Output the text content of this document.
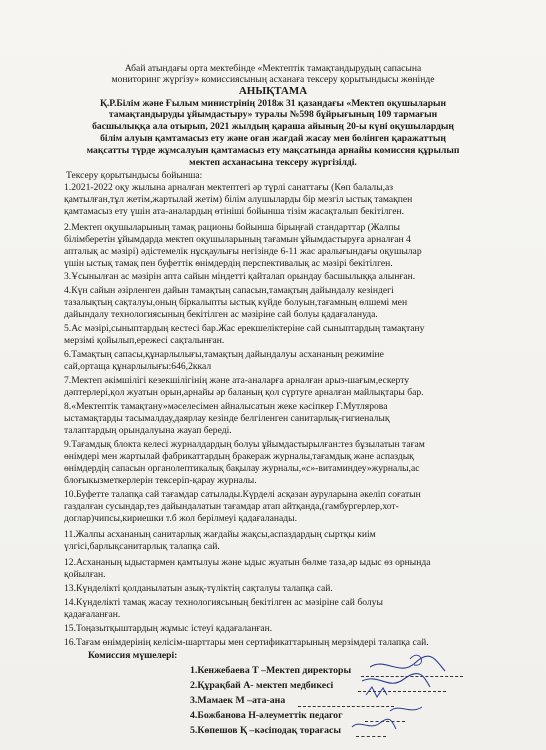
Абай атындағы орта мектебінде «Мектептік тамақтандырудың сапасына
мониторинг жүргізу» комиссиясының асханаға тексеру қорытындысы жөнінде
АНЫҚТАМА
Қ.Р.Білім және Ғылым министрінің 2018ж 31 қазандағы «Мектеп оқушыларын
тамақтандыруды ұйымдастыру» туралы №598 бұйрығының 109 тармағын
басшылыққа ала отырып, 2021 жылдың қараша айының 20-ы күні оқушылардың
білім алуын қамтамасыз ету және оған жағдай жасау мен болінген қаражаттың
мақсатты түрде жұмсалуын қамтамасыз ету мақсатында арнайы комиссия құрылып
мектеп асханасына тексеру жүргізілді.
Тексеру қорытындысы бойынша:
1.2021-2022 оқу жылына арналған мектептегі әр түрлі санаттағы (Көп балалы,аз
қамтылған,тұл жетім,жартылай жетім) білім алушыларды бір мезгіл ыстық тамақпен
қамтамасыз ету үшін ата-аналардың өтініші бойынша тізім жасақталып бекітілген.
2.Мектеп оқушыларының тамақ рационы бойынша бірыңғай стандарттар (Жалпы
білімберетін ұйымдарда мектеп оқушыларының тағамын ұйымдастыруға арналған 4
апталық ас мәзірі) әдістемелік нұсқаулығы негізінде 6-11 жас аралығындағы оқушылар
үшін ыстық тамақ пен буфеттік өнімдердің перспективалық ас мәзірі бекітілген.
3.Ұсынылған ас мәзірін апта сайын міндетті қайталап орындау басшылыққа алынған.
4.Күн сайын әзірленген дайын тамақтың сапасын,тамақтың дайындалу кезіндегі
тазалықтың сақталуы,оның біркалыпты ыстық күйде болуын,тағамның өлшемі мен
дайындалу технологиясының бекітілген ас мәзіріне сай болуы қадағалануда.
5.Ас мәзірі,сыныптардың кестесі бар.Жас ерекшеліктеріне сай сыныптардың тамақтану
мерзімі қойылып,ережесі сақталынған.
6.Тамақтың сапасы,құнарлылығы,тамақтың дайындалуы асхананың режиміне
сай,ортаща құнарлылығы:646,2ккал
7.Мектеп әкімшілігі кезекшілігінің және ата-аналарға арналған арыз-шағым,ескерту
дәптерлері,қол жуатын орын,арнайы әр баланың қол сүртуге арналған майлықтары бар.
8.«Мектептік тамақтану»мәселесімен айналысатын жеке кәсіпкер Г.Мутлярова
ыстамақтарды тасымалдау,даярлау кезінде белгіленген санитарлық-гигиеналық
талаптардың орындалуына жауап береді.
9.Тағамдық блокта келесі журналдардың болуы ұйымдастырылған:тез бұзылатын тағам
өнімдері мен жартылай фабрикаттардың бракераж журналы,тағамдық және аспаздық
өнімдердің сапасын органолептикалық бақылау журналы,«с»-витаминдеу»журналы,ас
блоғыкызметкерлерін тексеріп-қарау журналы.
10.Буфетте талапқа сай тағамдар сатылады.Күрделі асқазан ауруларына әкеліп соғатын
газдалған сусындар,тез дайындалатын тағамдар атап айтқанда,(гамбургерлер,хот-
доглар)чипсы,кириешки т.б жол берілмеуі қадағаланады.
11.Жалпы асхананың санитарлық жағдайы жақсы,аспаздардың сыртқы киім
үлгісі,барлықсанитарлық талапқа сай.
12.Асхананың ыдыстармен қамтылуы және ыдыс жуатын бөлме таза,әр ыдыс өз орнында
қойылған.
13.Күнделікті қолданылатын азық-түліктің сақталуы талапқа сай.
14.Күнделікті тамақ жасау технологиясының бекітілген ас мәзіріне сай болуы
қадағаланған.
15.Тоңазытқыштардың жұмыс істеуі қадағаланған.
16.Тағам өнімдерінің келісім-шарттары мен сертификаттарының мерзімдері талапқа сай.
Комиссия мүшелері:
1.Кенжебаева Т –Мектеп директоры
2.Құрақбай А- мектеп медбикесі
3.Мамаек М –ата-ана
4.Божбанова Н-әлеуметтік педагог
5.Көпешов Қ –кәсіподақ торағасы
